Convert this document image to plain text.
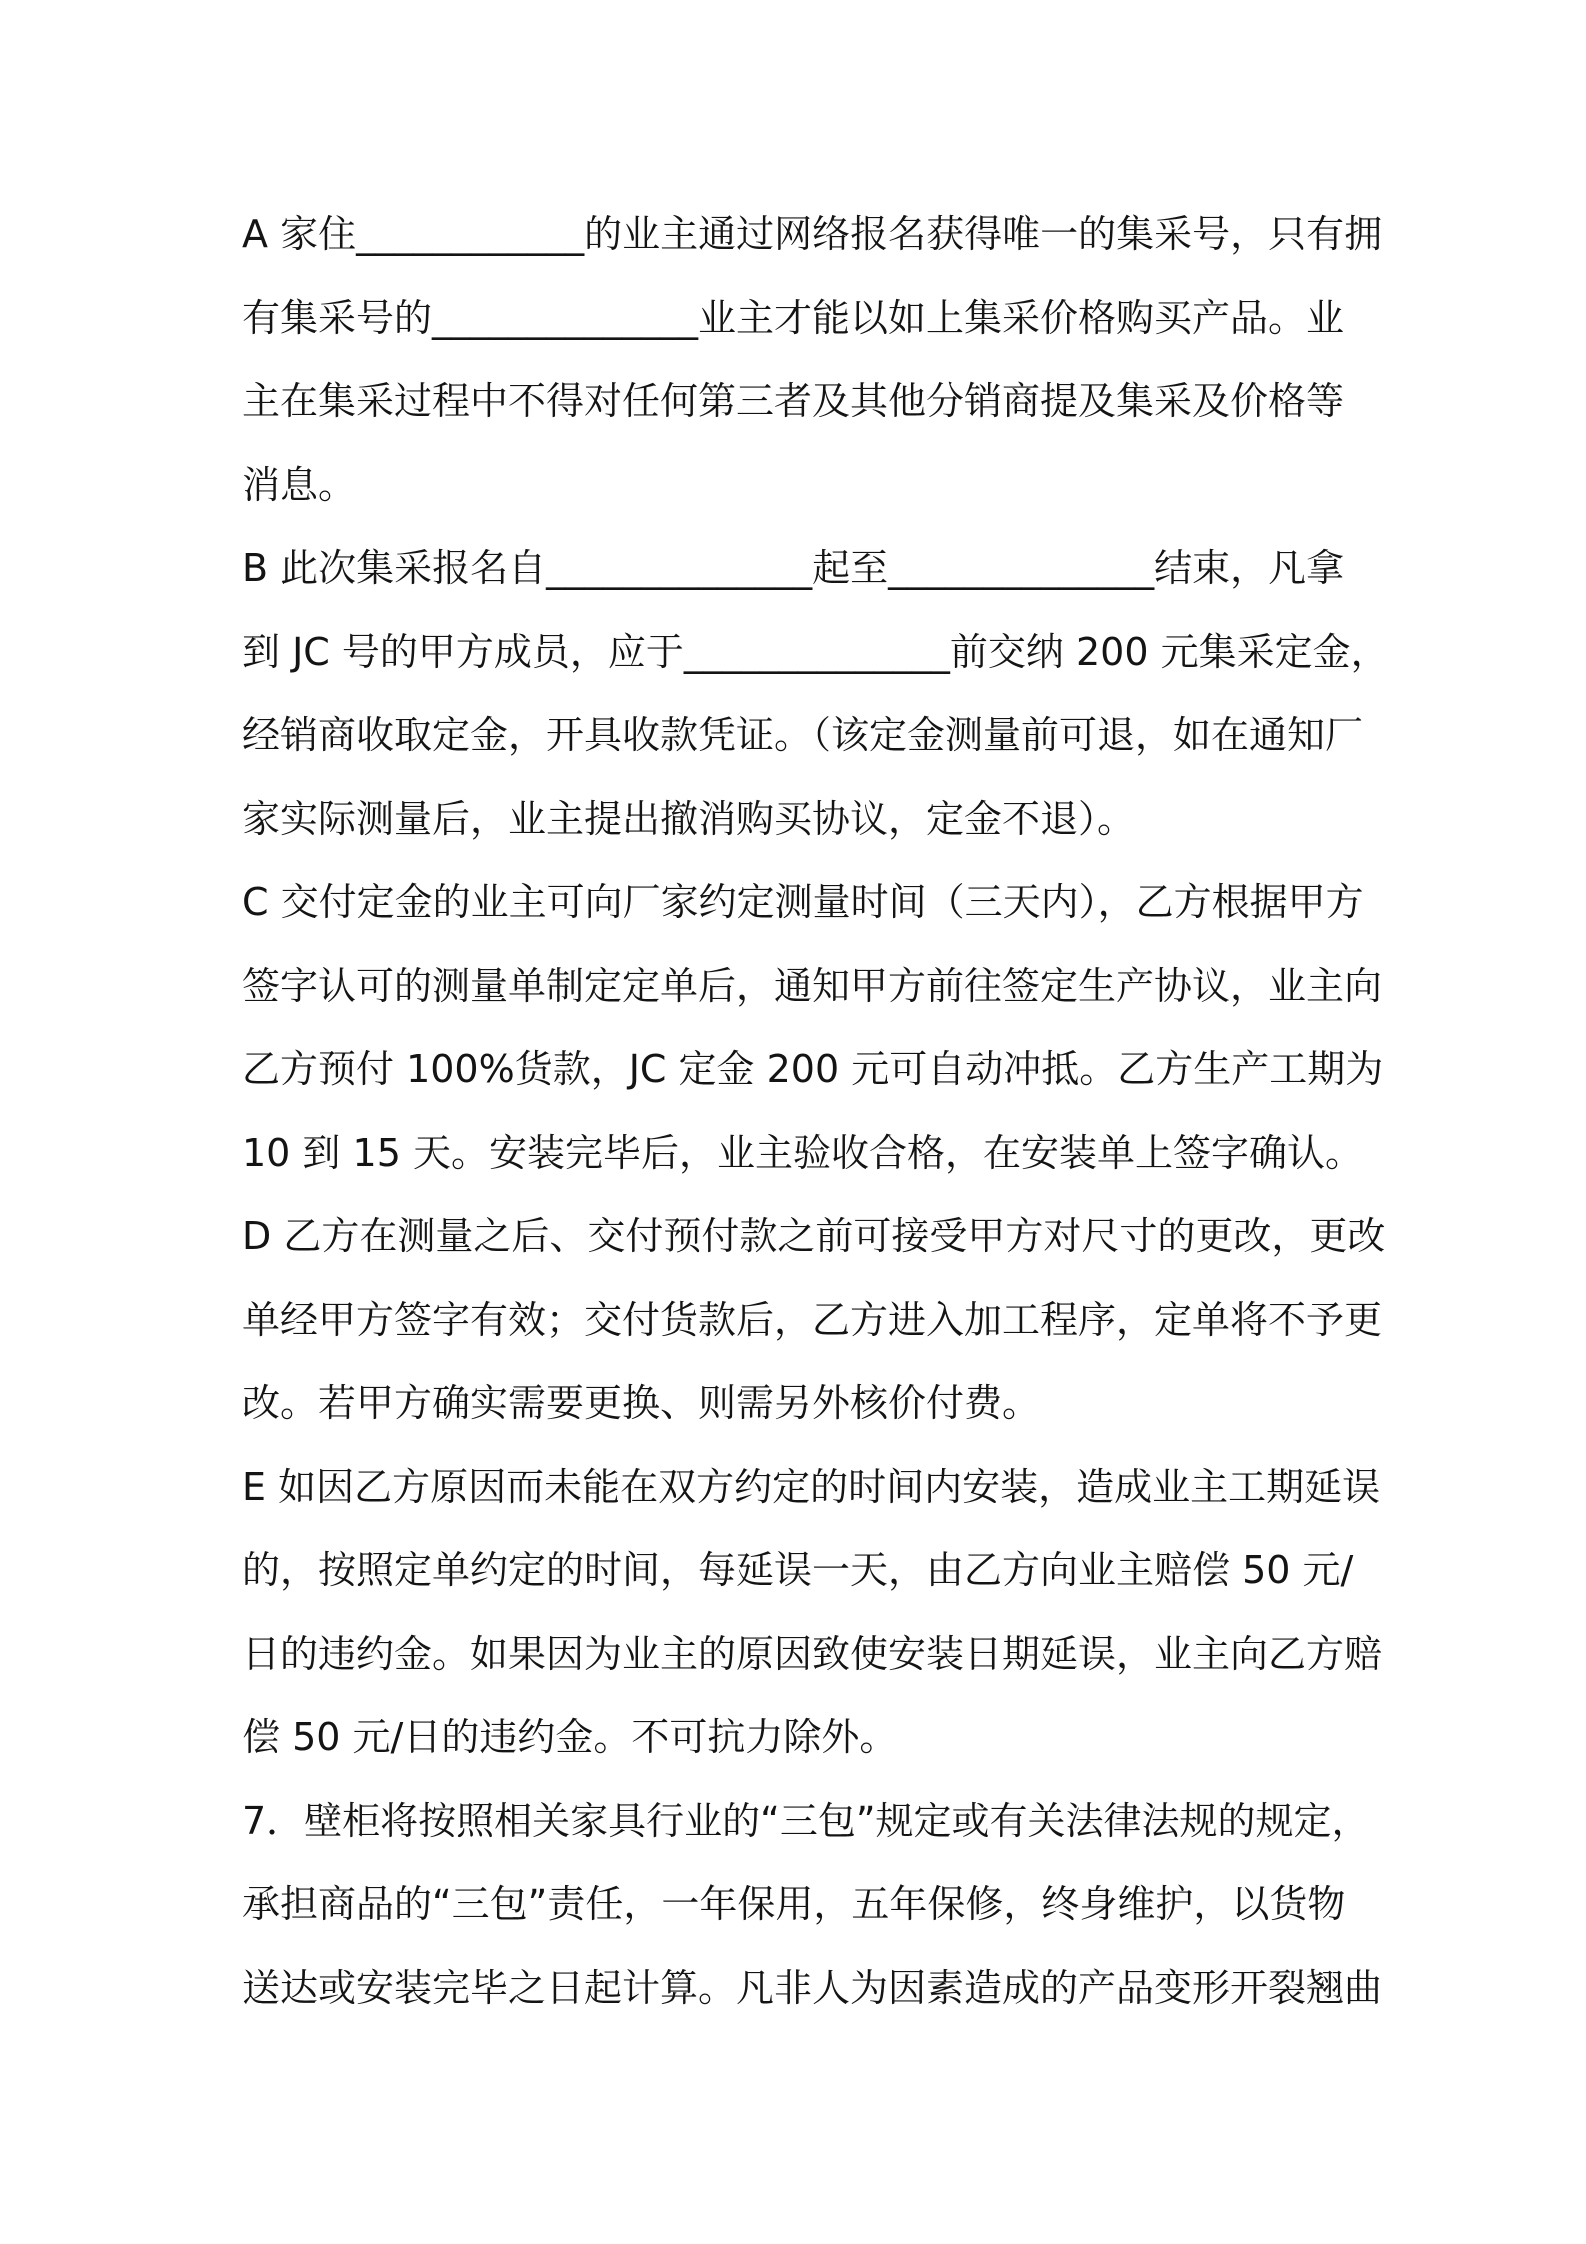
A 家住____________的业主通过网络报名获得唯一的集采号，只有拥
有集采号的______________业主才能以如上集采价格购买产品。业
主在集采过程中不得对任何第三者及其他分销商提及集采及价格等
消息。
B 此次集采报名自______________起至______________结束，凡拿
到 JC 号的甲方成员，应于______________前交纳 200 元集采定金，
经销商收取定金，开具收款凭证。（该定金测量前可退，如在通知厂
家实际测量后，业主提出撤消购买协议，定金不退）。
C 交付定金的业主可向厂家约定测量时间（三天内），乙方根据甲方
签字认可的测量单制定定单后，通知甲方前往签定生产协议，业主向
乙方预付 100%货款，JC 定金 200 元可自动冲抵。乙方生产工期为
10 到 15 天。安装完毕后，业主验收合格，在安装单上签字确认。
D 乙方在测量之后、交付预付款之前可接受甲方对尺寸的更改，更改
单经甲方签字有效；交付货款后，乙方进入加工程序，定单将不予更
改。若甲方确实需要更换、则需另外核价付费。
E 如因乙方原因而未能在双方约定的时间内安装，造成业主工期延误
的，按照定单约定的时间，每延误一天，由乙方向业主赔偿 50 元/
日的违约金。如果因为业主的原因致使安装日期延误，业主向乙方赔
偿 50 元/日的违约金。不可抗力除外。
7．壁柜将按照相关家具行业的“三包”规定或有关法律法规的规定，
承担商品的“三包”责任，一年保用，五年保修，终身维护，以货物
送达或安装完毕之日起计算。凡非人为因素造成的产品变形开裂翘曲
